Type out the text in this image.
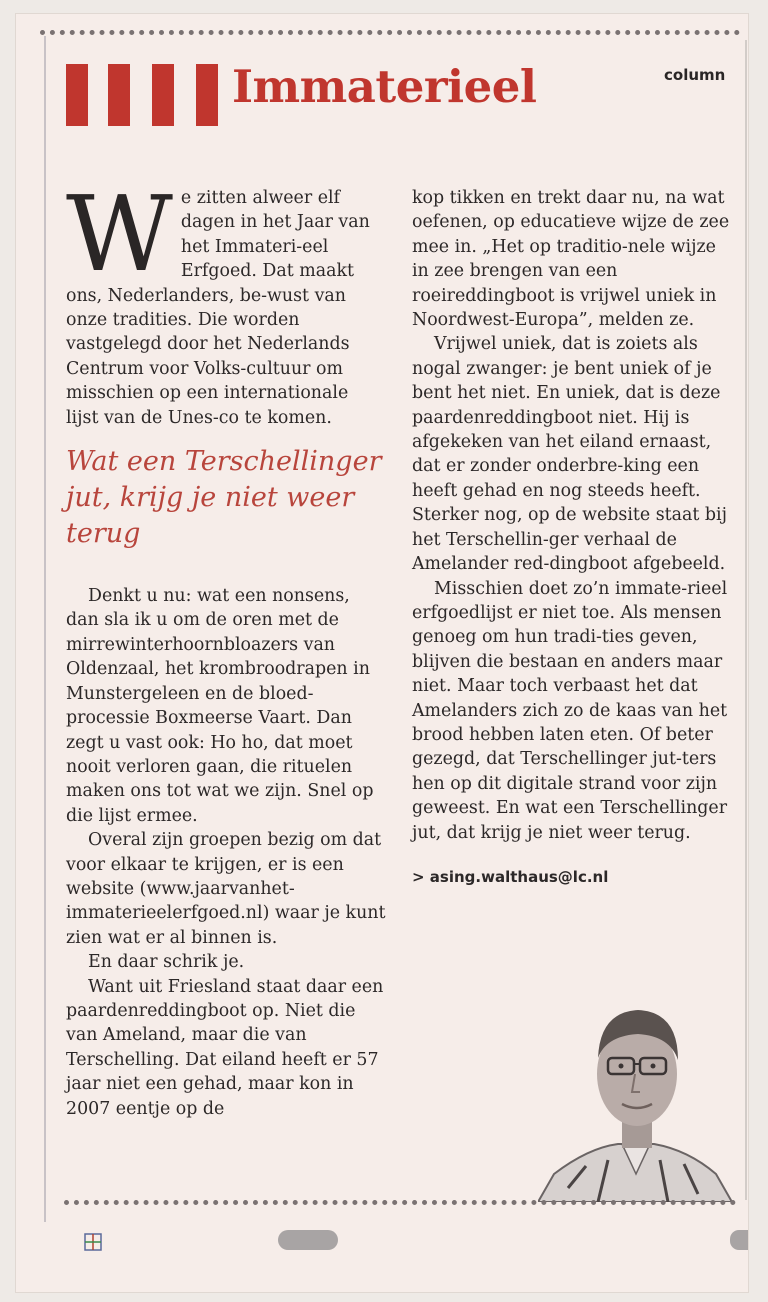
Immaterieel	column

We zitten alweer elf dagen in het Jaar van het Immateri-eel Erfgoed. Dat maakt ons, Nederlanders, be-wust van onze tradities. Die worden vastgelegd door het Nederlands Centrum voor Volks-cultuur om misschien op een internationale lijst van de Unes-co te komen.

Wat een Terschellinger jut, krijg je niet weer terug

Denkt u nu: wat een nonsens, dan sla ik u om de oren met de mirrewinterhoornbloazers van Oldenzaal, het krombroodrapen in Munstergeleen en de bloed-processie Boxmeerse Vaart. Dan zegt u vast ook: Ho ho, dat moet nooit verloren gaan, die rituelen maken ons tot wat we zijn. Snel op die lijst ermee.

Overal zijn groepen bezig om dat voor elkaar te krijgen, er is een website (www.jaarvanhet-immaterieelerfgoed.nl) waar je kunt zien wat er al binnen is.

En daar schrik je.

Want uit Friesland staat daar een paardenreddingboot op. Niet die van Ameland, maar die van Terschelling. Dat eiland heeft er 57 jaar niet een gehad, maar kon in 2007 eentje op de

kop tikken en trekt daar nu, na wat oefenen, op educatieve wijze de zee mee in. „Het op traditio-nele wijze in zee brengen van een roeireddingboot is vrijwel uniek in Noordwest-Europa”, melden ze.

Vrijwel uniek, dat is zoiets als nogal zwanger: je bent uniek of je bent het niet. En uniek, dat is deze paardenreddingboot niet. Hij is afgekeken van het eiland ernaast, dat er zonder onderbre-king een heeft gehad en nog steeds heeft. Sterker nog, op de website staat bij het Terschellin-ger verhaal de Amelander red-dingboot afgebeeld.

Misschien doet zo’n immate-rieel erfgoedlijst er niet toe. Als mensen genoeg om hun tradi-ties geven, blijven die bestaan en anders maar niet. Maar toch verbaast het dat Amelanders zich zo de kaas van het brood hebben laten eten. Of beter gezegd, dat Terschellinger jut-ters hen op dit digitale strand voor zijn geweest. En wat een Terschellinger jut, dat krijg je niet weer terug.

> asing.walthaus@lc.nl
